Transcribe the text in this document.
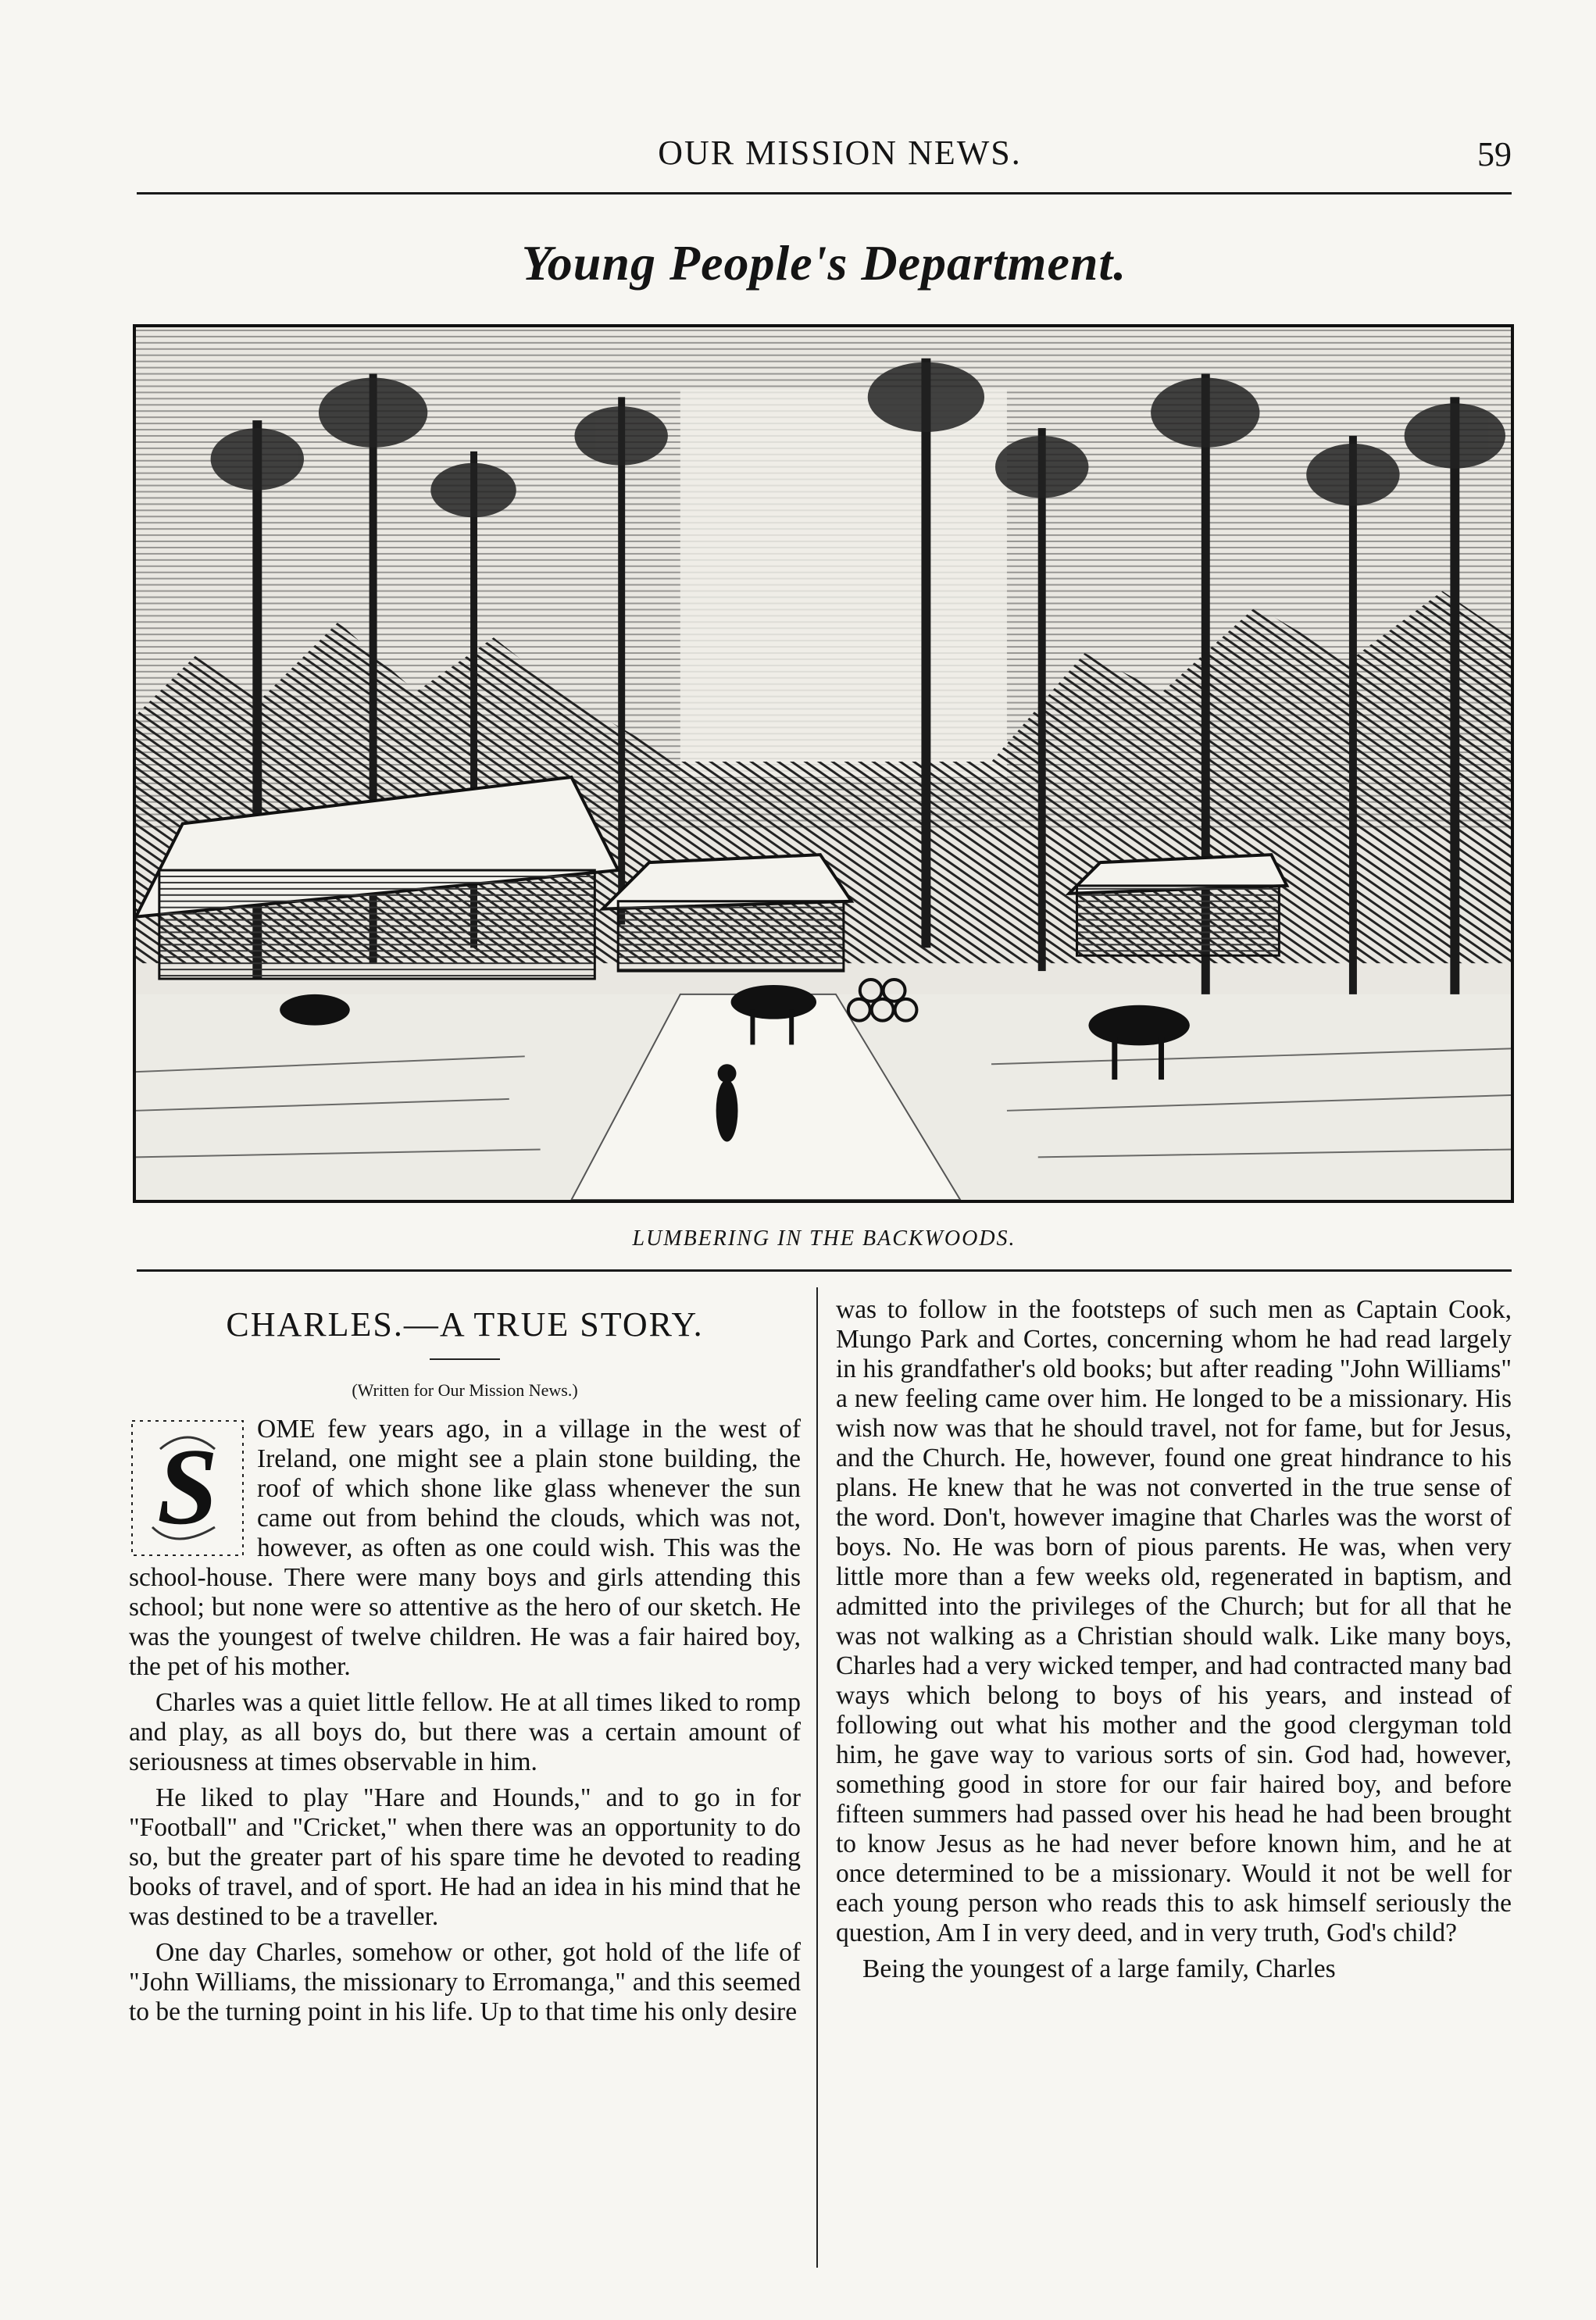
OUR MISSION NEWS.	59
Young People's Department.
LUMBERING IN THE BACKWOODS.
CHARLES.—A TRUE STORY.
(Written for Our Mission News.)
S OME few years ago, in a village in the west of Ireland, one might see a plain stone building, the roof of which shone like glass whenever the sun came out from behind the clouds, which was not, however, as often as one could wish. This was the school-house. There were many boys and girls attending this school; but none were so attentive as the hero of our sketch. He was the youngest of twelve children. He was a fair haired boy, the pet of his mother.

Charles was a quiet little fellow. He at all times liked to romp and play, as all boys do, but there was a certain amount of seriousness at times observable in him.

He liked to play "Hare and Hounds," and to go in for "Football" and "Cricket," when there was an opportunity to do so, but the greater part of his spare time he devoted to reading books of travel, and of sport. He had an idea in his mind that he was destined to be a traveller.

One day Charles, somehow or other, got hold of the life of "John Williams, the missionary to Erromanga," and this seemed to be the turning point in his life. Up to that time his only desire

was to follow in the footsteps of such men as Captain Cook, Mungo Park and Cortes, concerning whom he had read largely in his grandfather's old books; but after reading "John Williams" a new feeling came over him. He longed to be a missionary. His wish now was that he should travel, not for fame, but for Jesus, and the Church. He, however, found one great hindrance to his plans. He knew that he was not converted in the true sense of the word. Don't, however imagine that Charles was the worst of boys. No. He was born of pious parents. He was, when very little more than a few weeks old, regenerated in baptism, and admitted into the privileges of the Church; but for all that he was not walking as a Christian should walk. Like many boys, Charles had a very wicked temper, and had contracted many bad ways which belong to boys of his years, and instead of following out what his mother and the good clergyman told him, he gave way to various sorts of sin. God had, however, something good in store for our fair haired boy, and before fifteen summers had passed over his head he had been brought to know Jesus as he had never before known him, and he at once determined to be a missionary. Would it not be well for each young person who reads this to ask himself seriously the question, Am I in very deed, and in very truth, God's child?

Being the youngest of a large family, Charles
